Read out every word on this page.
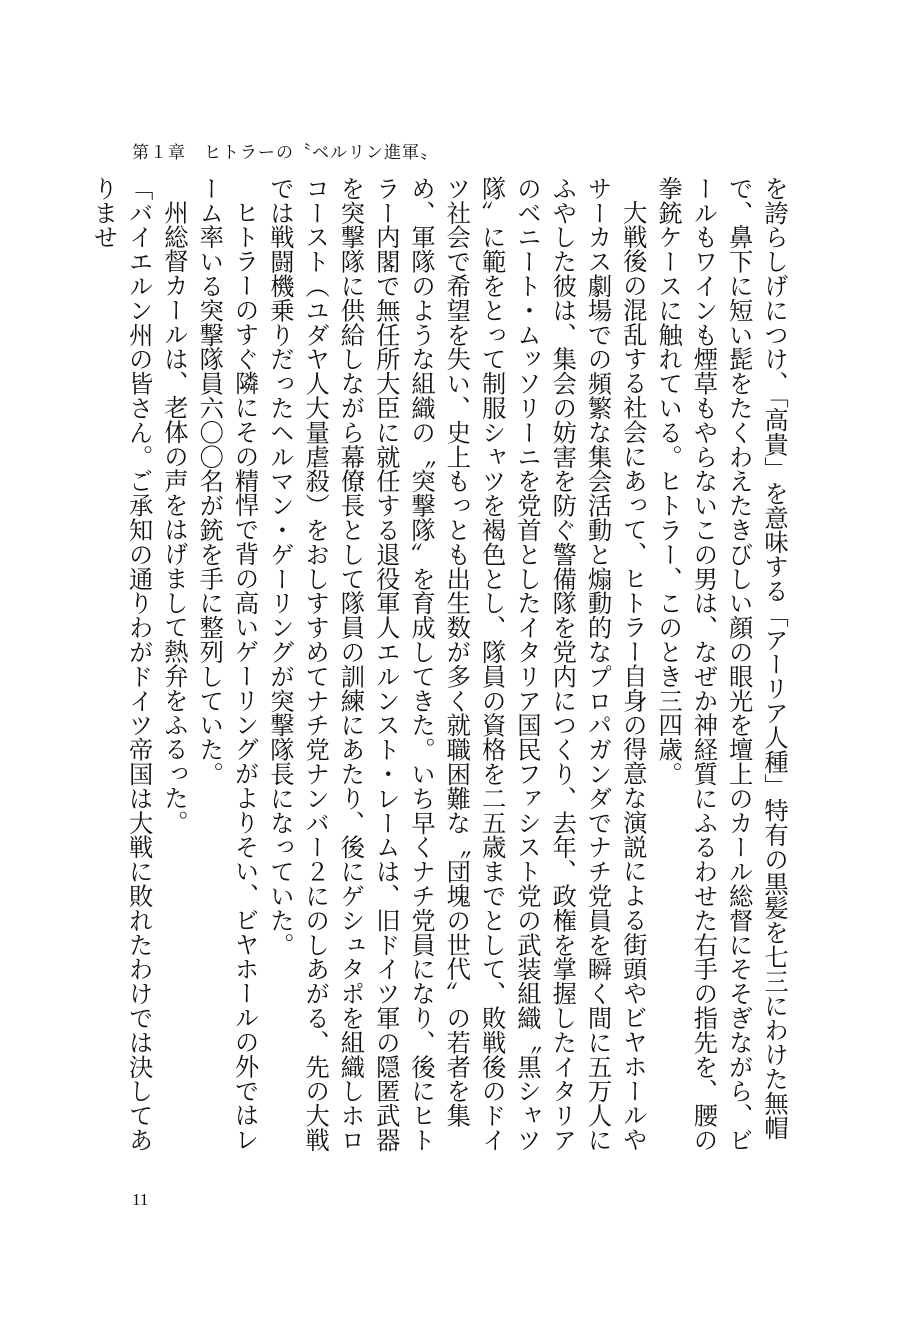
第１章　ヒトラーの〝ベルリン進軍〟

を誇らしげにつけ、「高貴」を意味する「アーリア人種」特有の黒髪を七三にわけた無帽で、鼻下に短い髭をたくわえたきびしい顔の眼光を壇上のカール総督にそそぎながら、ビールもワインも煙草もやらないこの男は、なぜか神経質にふるわせた右手の指先を、腰の拳銃ケースに触れている。ヒトラー、このとき三四歳。

大戦後の混乱する社会にあって、ヒトラー自身の得意な演説による街頭やビヤホールやサーカス劇場での頻繁な集会活動と煽動的なプロパガンダでナチ党員を瞬く間に五万人にふやした彼は、集会の妨害を防ぐ警備隊を党内につくり、去年、政権を掌握したイタリアのベニート・ムッソリーニを党首としたイタリア国民ファシスト党の武装組織〝黒シャツ隊〟に範をとって制服シャツを褐色とし、隊員の資格を二五歳までとして、敗戦後のドイツ社会で希望を失い、史上もっとも出生数が多く就職困難な〝団塊の世代〟の若者を集め、軍隊のような組織の〝突撃隊〟を育成してきた。いち早くナチ党員になり、後にヒトラー内閣で無任所大臣に就任する退役軍人エルンスト・レームは、旧ドイツ軍の隠匿武器を突撃隊に供給しながら幕僚長として隊員の訓練にあたり、後にゲシュタポを組織しホロコースト（ユダヤ人大量虐殺）をおしすすめてナチ党ナンバー２にのしあがる、先の大戦では戦闘機乗りだったヘルマン・ゲーリングが突撃隊長になっていた。

ヒトラーのすぐ隣にその精悍で背の高いゲーリングがよりそい、ビヤホールの外ではレーム率いる突撃隊員六〇〇名が銃を手に整列していた。

州総督カールは、老体の声をはげまして熱弁をふるった。

「バイエルン州の皆さん。ご承知の通りわがドイツ帝国は大戦に敗れたわけでは決してありませ

11
